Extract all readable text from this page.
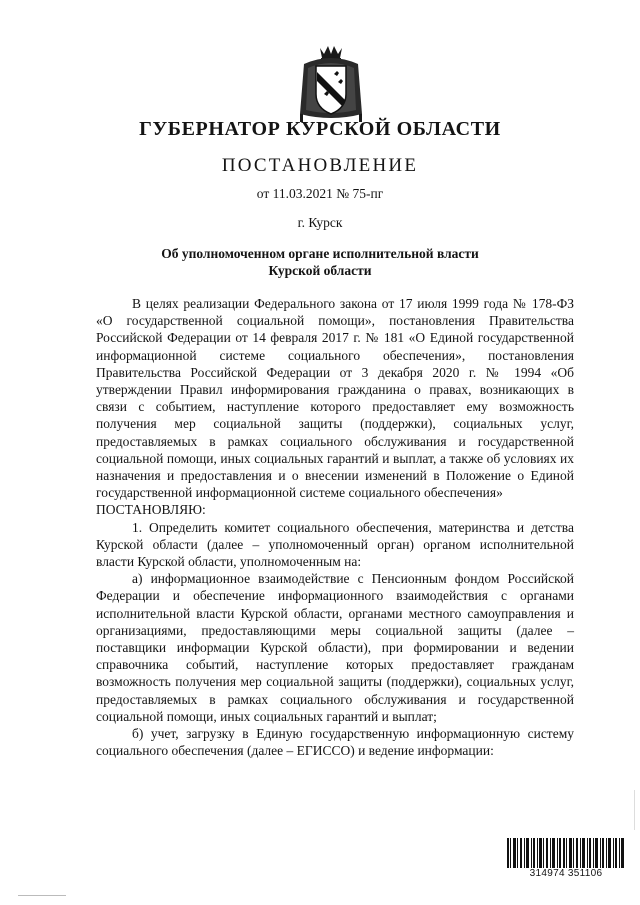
ГУБЕРНАТОР КУРСКОЙ ОБЛАСТИ
ПОСТАНОВЛЕНИЕ
от 11.03.2021 № 75-пг
г. Курск
Об уполномоченном органе исполнительной власти
Курской области

В целях реализации Федерального закона от 17 июля 1999 года № 178-ФЗ «О государственной социальной помощи», постановления Правительства Российской Федерации от 14 февраля 2017 г. № 181 «О Единой государственной информационной системе социального обеспечения», постановления Правительства Российской Федерации от 3 декабря 2020 г. № 1994 «Об утверждении Правил информирования гражданина о правах, возникающих в связи с событием, наступление которого предоставляет ему возможность получения мер социальной защиты (поддержки), социальных услуг, предоставляемых в рамках социального обслуживания и государственной социальной помощи, иных социальных гарантий и выплат, а также об условиях их назначения и предоставления и о внесении изменений в Положение о Единой государственной информационной системе социального обеспечения»

ПОСТАНОВЛЯЮ:

1. Определить комитет социального обеспечения, материнства и детства Курской области (далее – уполномоченный орган) органом исполнительной власти Курской области, уполномоченным на:

а) информационное взаимодействие с Пенсионным фондом Российской Федерации и обеспечение информационного взаимодействия с органами исполнительной власти Курской области, органами местного самоуправления и организациями, предоставляющими меры социальной защиты (далее – поставщики информации Курской области), при формировании и ведении справочника событий, наступление которых предоставляет гражданам возможность получения мер социальной защиты (поддержки), социальных услуг, предоставляемых в рамках социального обслуживания и государственной социальной помощи, иных социальных гарантий и выплат;

б) учет, загрузку в Единую государственную информационную систему социального обеспечения (далее – ЕГИССО) и ведение информации:

314974 351106
